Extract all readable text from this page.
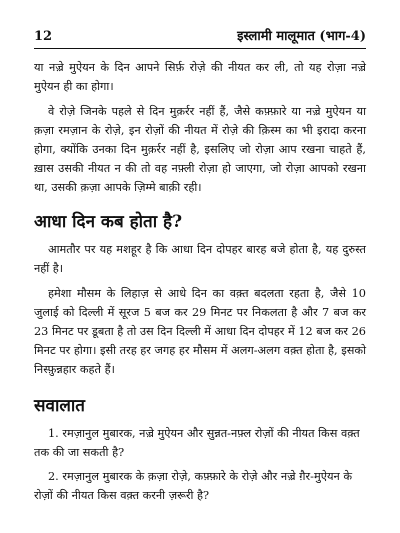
12	इस्लामी मालूमात (भाग-4)

या नज़्रे मुऐयन के दिन आपने सिर्फ़ रोज़े की नीयत कर ली, तो यह रोज़ा नज़्रे मुऐयन ही का होगा।

वे रोज़े जिनके पहले से दिन मुक़र्रर नहीं हैं, जैसे कफ़्फ़ारे या नज़्रे मुऐयन या क़ज़ा रमज़ान के रोज़े, इन रोज़ों की नीयत में रोज़े की क़िस्म का भी इरादा करना होगा, क्योंकि उनका दिन मुक़र्रर नहीं है, इसलिए जो रोज़ा आप रखना चाहते हैं, ख़ास उसकी नीयत न की तो वह नफ़्ली रोज़ा हो जाएगा, जो रोज़ा आपको रखना था, उसकी क़ज़ा आपके ज़िम्मे बाक़ी रही।

आधा दिन कब होता है?

आमतौर पर यह मशहूर है कि आधा दिन दोपहर बारह बजे होता है, यह दुरुस्त नहीं है।

हमेशा मौसम के लिहाज़ से आधे दिन का वक़्त बदलता रहता है, जैसे 10 जुलाई को दिल्ली में सूरज 5 बज कर 29 मिनट पर निकलता है और 7 बज कर 23 मिनट पर डूबता है तो उस दिन दिल्ली में आधा दिन दोपहर में 12 बज कर 26 मिनट पर होगा। इसी तरह हर जगह हर मौसम में अलग-अलग वक़्त होता है, इसको निस्फ़ुन्नहार कहते हैं।

सवालात

1. रमज़ानुल मुबारक, नज़्रे मुऐयन और सुन्नत-नफ़्ल रोज़ों की नीयत किस वक़्त तक की जा सकती है?

2. रमज़ानुल मुबारक के क़ज़ा रोज़े, कफ़्फ़ारे के रोज़े और नज़्रे ग़ैर-मुऐयन के रोज़ों की नीयत किस वक़्त करनी ज़रूरी है?
